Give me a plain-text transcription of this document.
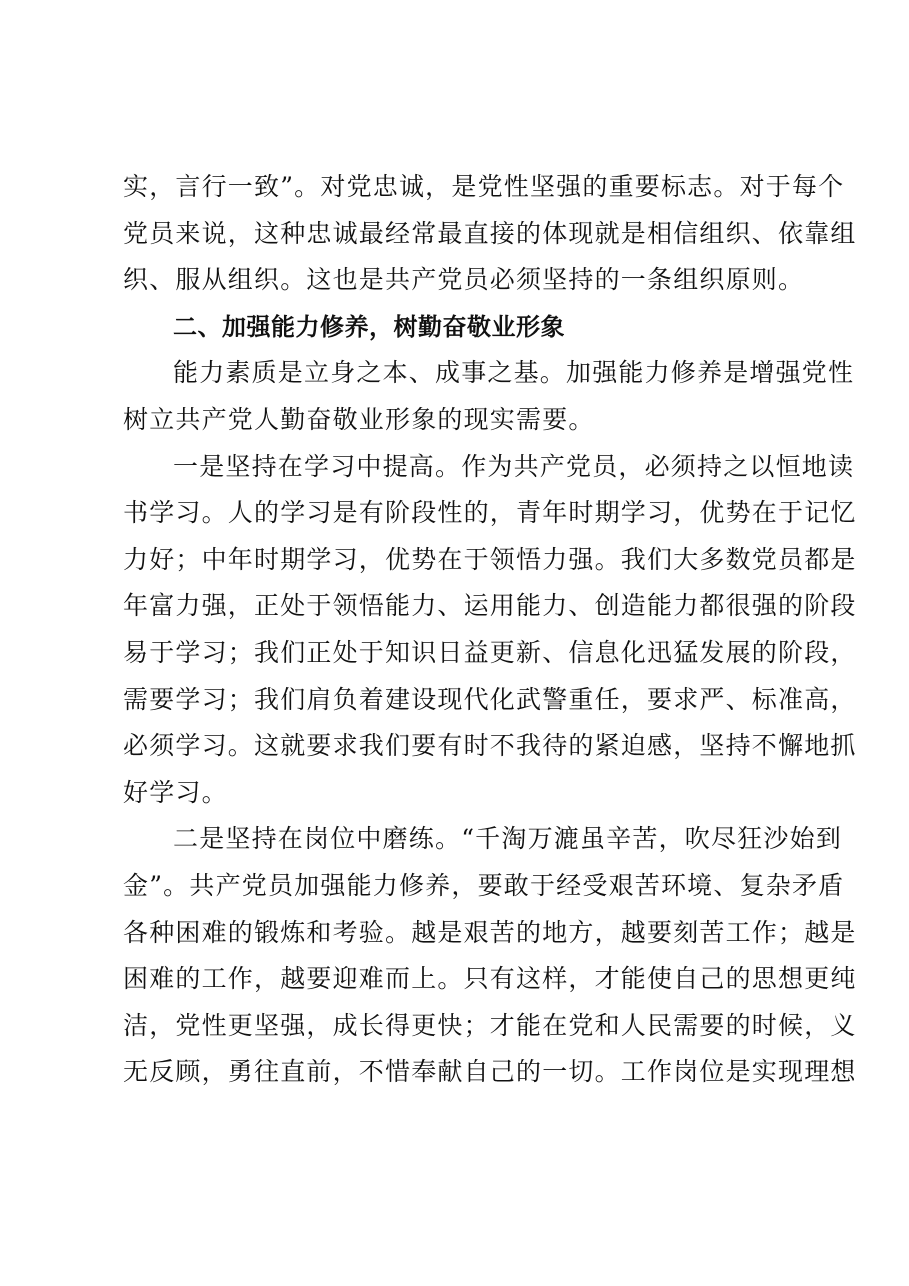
实，言行一致”。对党忠诚，是党性坚强的重要标志。对于每个
党员来说，这种忠诚最经常最直接的体现就是相信组织、依靠组
织、服从组织。这也是共产党员必须坚持的一条组织原则。

二、加强能力修养，树勤奋敬业形象

能力素质是立身之本、成事之基。加强能力修养是增强党性
树立共产党人勤奋敬业形象的现实需要。

一是坚持在学习中提高。作为共产党员，必须持之以恒地读
书学习。人的学习是有阶段性的，青年时期学习，优势在于记忆
力好；中年时期学习，优势在于领悟力强。我们大多数党员都是
年富力强，正处于领悟能力、运用能力、创造能力都很强的阶段
易于学习；我们正处于知识日益更新、信息化迅猛发展的阶段，
需要学习；我们肩负着建设现代化武警重任，要求严、标准高，
必须学习。这就要求我们要有时不我待的紧迫感，坚持不懈地抓
好学习。

二是坚持在岗位中磨练。“千淘万漉虽辛苦，吹尽狂沙始到
金”。共产党员加强能力修养，要敢于经受艰苦环境、复杂矛盾
各种困难的锻炼和考验。越是艰苦的地方，越要刻苦工作；越是
困难的工作，越要迎难而上。只有这样，才能使自己的思想更纯
洁，党性更坚强，成长得更快；才能在党和人民需要的时候，义
无反顾，勇往直前，不惜奉献自己的一切。工作岗位是实现理想
